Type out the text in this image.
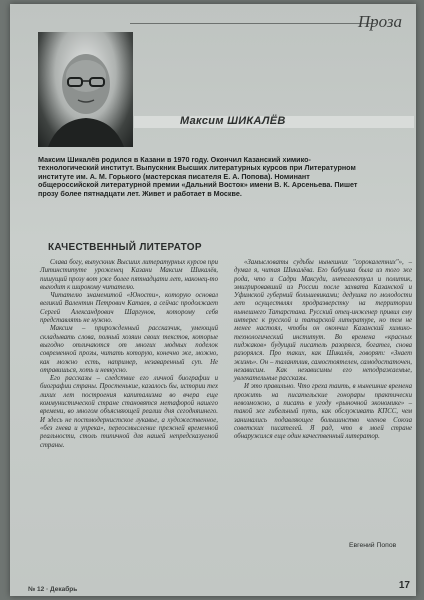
Проза
Максим ШИКАЛЁВ
Максим Шикалёв родился в Казани в 1970 году. Окончил Казанский химико-технологический институт. Выпускник Высших литературных курсов при Литературном институте им. А. М. Горького (мастерская писателя Е. А. Попова). Номинант общероссийской литературной премии «Дальний Восток» имени В. К. Арсеньева. Пишет прозу более пятнадцати лет. Живет и работает в Москве.
КАЧЕСТВЕННЫЙ ЛИТЕРАТОР

Слава богу, выпускник Высших литературных курсов при Литинституте уроженец Казани Максим Шикалёв, пишущий прозу вот уже более пятнадцати лет, наконец-то выходит к широкому читателю.

Читателю знаменитой «Юности», которую основал великий Валентин Петрович Катаев, а сейчас продолжает Сергей Александрович Шаргунов, которому себя представлять не нужно.

Максим – прирожденный рассказчик, умеющий складывать слова, полный хозяин своих текстов, которые выгодно отличаются от многих модных поделок современной прозы, читать которую, конечно же, можно, как можно есть, например, незаваренный суп. Не отравишься, хоть и невкусно.

Его рассказы – следствие его личной биографии и биографии страны. Простенькие, казалось бы, истории тех лихих лет построения капитализма во вчера еще коммунистической стране становятся метафорой нашего времени, во многом объясняющей реалии дня сегодняшнего. И здесь не постмодернистское лукавье, а художественное, «без гнева и упрека», переосмысление прежней временной реальности, столь типичной для нашей непредсказуемой страны.

«Замысловаты судьбы нынешних "сорокалетних"», – думал я, читая Шикалёва. Его бабушка была из того же рода, что и Садри Максуди, интеллектуал и политик, эмигрировавший из России после захвата Казанской и Уфимской губерний большевиками; дедушка по молодости лет осуществлял продразверстку на территории нынешнего Татарстана. Русский отец-инженер привил ему интерес к русской и татарской литературе, но тем не менее настоял, чтобы он окончил Казанский химико-технологический институт. Во времена «красных пиджаков» будущий писатель разорялся, богател, снова разорялся. Про таких, как Шикалёв, говорят: «Знает жизнь». Он – талантлив, самостоятелен, самодостаточен, независим. Как независимы его неподражаемые, увлекательные рассказы.

И это правильно. Что греха таить, в нынешние времена прожить на писательские гонорары практически невозможно, а писать в угоду «рыночной экономике» – такой же гибельный путь, как обслуживать КПСС, чем занимались подавляющее большинство членов Союза советских писателей. Я рад, что в моей стране обнаружился еще один качественный литератор.

Евгений Попов
№ 12 · Декабрь	17
